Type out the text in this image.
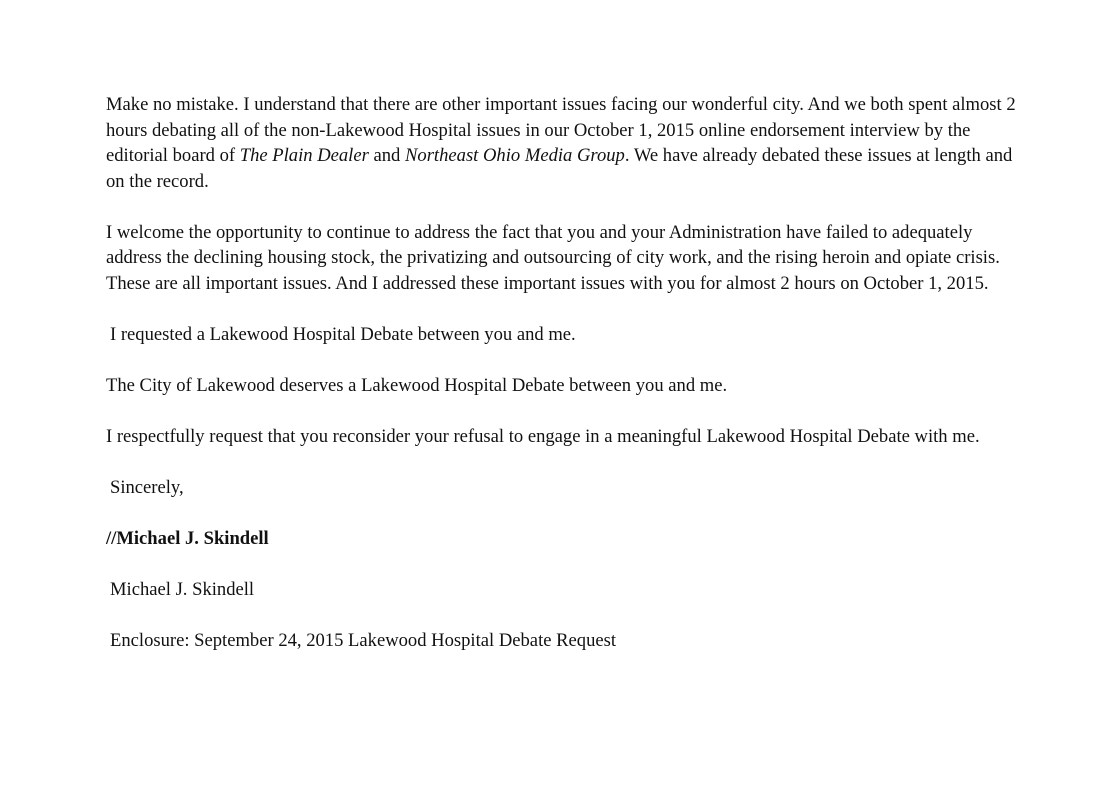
Make no mistake. I understand that there are other important issues facing our wonderful city. And we both spent almost 2 hours debating all of the non-Lakewood Hospital issues in our October 1, 2015 online endorsement interview by the editorial board of The Plain Dealer and Northeast Ohio Media Group. We have already debated these issues at length and on the record.

I welcome the opportunity to continue to address the fact that you and your Administration have failed to adequately address the declining housing stock, the privatizing and outsourcing of city work, and the rising heroin and opiate crisis. These are all important issues. And I addressed these important issues with you for almost 2 hours on October 1, 2015.

I requested a Lakewood Hospital Debate between you and me.

The City of Lakewood deserves a Lakewood Hospital Debate between you and me.

I respectfully request that you reconsider your refusal to engage in a meaningful Lakewood Hospital Debate with me.

Sincerely,

//Michael J. Skindell

Michael J. Skindell

Enclosure: September 24, 2015 Lakewood Hospital Debate Request
